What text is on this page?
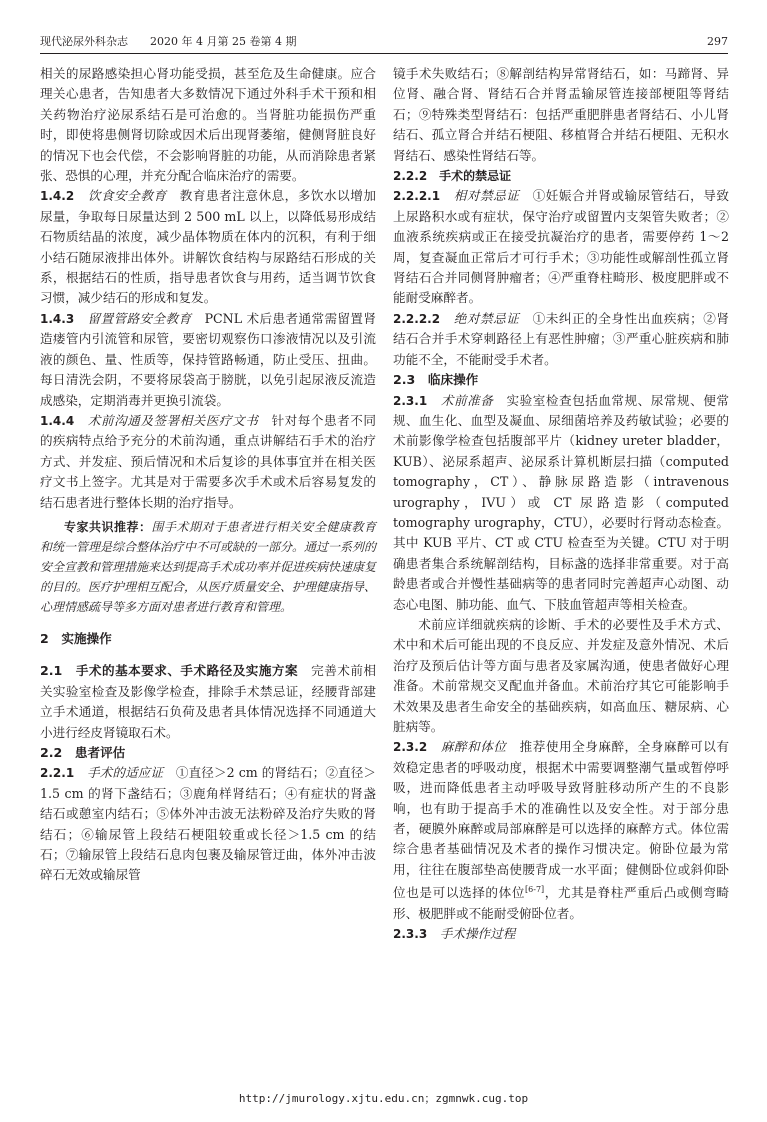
现代泌尿外科杂志　　2020 年 4 月第 25 卷第 4 期	297

相关的尿路感染担心肾功能受损，甚至危及生命健康。应合理关心患者，告知患者大多数情况下通过外科手术干预和相关药物治疗泌尿系结石是可治愈的。当肾脏功能损伤严重时，即使将患侧肾切除或因术后出现肾萎缩，健侧肾脏良好的情况下也会代偿，不会影响肾脏的功能，从而消除患者紧张、恐惧的心理，并充分配合临床治疗的需要。

1.4.2　 饮食安全教育　 教育患者注意休息，多饮水以增加尿量，争取每日尿量达到 2 500 mL 以上，以降低易形成结石物质结晶的浓度，减少晶体物质在体内的沉积，有利于细小结石随尿液排出体外。讲解饮食结构与尿路结石形成的关系，根据结石的性质，指导患者饮食与用药，适当调节饮食习惯，减少结石的形成和复发。

1.4.3　 留置管路安全教育　 PCNL 术后患者通常需留置肾造瘘管内引流管和尿管，要密切观察伤口渗液情况以及引流液的颜色、量、性质等，保持管路畅通，防止受压、扭曲。每日清洗会阴，不要将尿袋高于膀胱，以免引起尿液反流造成感染，定期消毒并更换引流袋。

1.4.4　 术前沟通及签署相关医疗文书　 针对每个患者不同的疾病特点给予充分的术前沟通，重点讲解结石手术的治疗方式、并发症、预后情况和术后复诊的具体事宜并在相关医疗文书上签字。尤其是对于需要多次手术或术后容易复发的结石患者进行整体长期的治疗指导。

专家共识推荐：围手术期对于患者进行相关安全健康教育和统一管理是综合整体治疗中不可或缺的一部分。通过一系列的安全宣教和管理措施来达到提高手术成功率并促进疾病快速康复的目的。医疗护理相互配合，从医疗质量安全、护理健康指导、心理情感疏导等多方面对患者进行教育和管理。

2　实施操作

2.1　手术的基本要求、手术路径及实施方案　 完善术前相关实验室检查及影像学检查，排除手术禁忌证，经腰背部建立手术通道，根据结石负荷及患者具体情况选择不同通道大小进行经皮肾镜取石术。

2.2　患者评估

2.2.1　 手术的适应证　 ①直径＞2 cm 的肾结石；②直径＞1.5 cm 的肾下盏结石；③鹿角样肾结石；④有症状的肾盏结石或憩室内结石；⑤体外冲击波无法粉碎及治疗失败的肾结石；⑥输尿管上段结石梗阻较重或长径＞1.5 cm 的结石；⑦输尿管上段结石息肉包裹及输尿管迂曲，体外冲击波碎石无效或输尿管

镜手术失败结石；⑧解剖结构异常肾结石，如：马蹄肾、异位肾、融合肾、肾结石合并肾盂输尿管连接部梗阻等肾结石；⑨特殊类型肾结石：包括严重肥胖患者肾结石、小儿肾结石、孤立肾合并结石梗阻、移植肾合并结石梗阻、无积水肾结石、感染性肾结石等。

2.2.2　手术的禁忌证

2.2.2.1　 相对禁忌证　 ①妊娠合并肾或输尿管结石，导致上尿路积水或有症状，保守治疗或留置内支架管失败者；②血液系统疾病或正在接受抗凝治疗的患者，需要停药 1～2 周，复查凝血正常后才可行手术；③功能性或解剖性孤立肾肾结石合并同侧肾肿瘤者；④严重脊柱畸形、极度肥胖或不能耐受麻醉者。

2.2.2.2　 绝对禁忌证　 ①未纠正的全身性出血疾病；②肾结石合并手术穿刺路径上有恶性肿瘤；③严重心脏疾病和肺功能不全，不能耐受手术者。

2.3　临床操作

2.3.1　 术前准备　 实验室检查包括血常规、尿常规、便常规、血生化、血型及凝血、尿细菌培养及药敏试验；必要的术前影像学检查包括腹部平片（kidney ureter bladder，KUB）、泌尿系超声、泌尿系计算机断层扫描（computed tomography，CT）、静脉尿路造影（intravenous urography，IVU）或 CT 尿路造影（computed tomography urography，CTU），必要时行肾动态检查。其中 KUB 平片、CT 或 CTU 检查至为关键。CTU 对于明确患者集合系统解剖结构，目标盏的选择非常重要。对于高龄患者或合并慢性基础病等的患者同时完善超声心动图、动态心电图、肺功能、血气、下肢血管超声等相关检查。

术前应详细就疾病的诊断、手术的必要性及手术方式、术中和术后可能出现的不良反应、并发症及意外情况、术后治疗及预后估计等方面与患者及家属沟通，使患者做好心理准备。术前常规交叉配血并备血。术前治疗其它可能影响手术效果及患者生命安全的基础疾病，如高血压、糖尿病、心脏病等。

2.3.2　 麻醉和体位　 推荐使用全身麻醉，全身麻醉可以有效稳定患者的呼吸动度，根据术中需要调整潮气量或暂停呼吸，进而降低患者主动呼吸导致肾脏移动所产生的不良影响，也有助于提高手术的准确性以及安全性。对于部分患者，硬膜外麻醉或局部麻醉是可以选择的麻醉方式。体位需综合患者基础情况及术者的操作习惯决定。俯卧位最为常用，往往在腹部垫高使腰背成一水平面；健侧卧位或斜仰卧位也是可以选择的体位[6-7]，尤其是脊柱严重后凸或侧弯畸形、极肥胖或不能耐受俯卧位者。

2.3.3　 手术操作过程

http://jmurology.xjtu.edu.cn；zgmnwk.cug.top
